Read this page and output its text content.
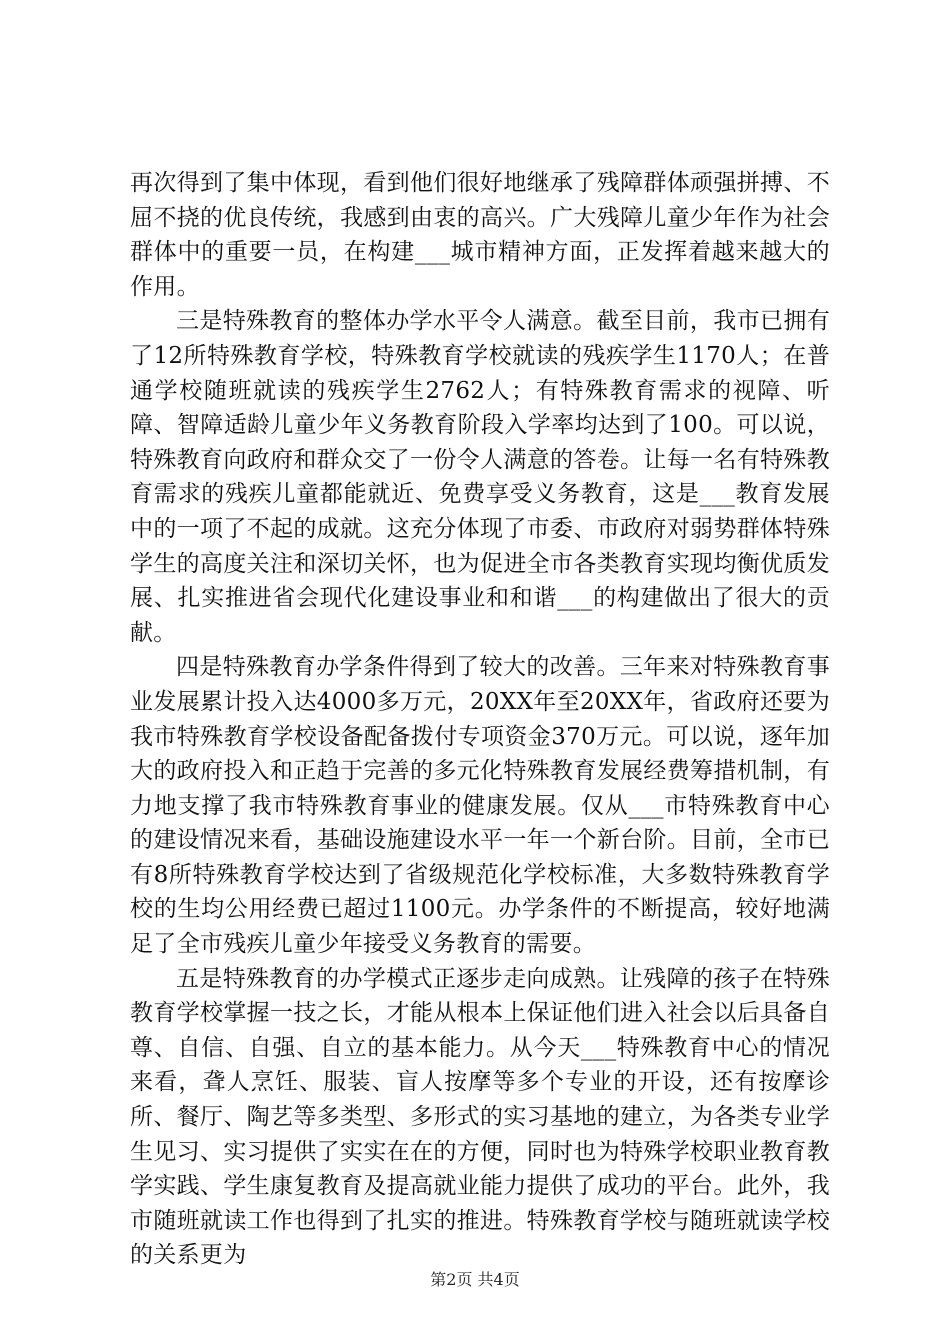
再次得到了集中体现，看到他们很好地继承了残障群体顽强拼搏、不屈不挠的优良传统，我感到由衷的高兴。广大残障儿童少年作为社会群体中的重要一员，在构建___城市精神方面，正发挥着越来越大的作用。

三是特殊教育的整体办学水平令人满意。截至目前，我市已拥有了12所特殊教育学校，特殊教育学校就读的残疾学生1170人；在普通学校随班就读的残疾学生2762人；有特殊教育需求的视障、听障、智障适龄儿童少年义务教育阶段入学率均达到了100。可以说，特殊教育向政府和群众交了一份令人满意的答卷。让每一名有特殊教育需求的残疾儿童都能就近、免费享受义务教育，这是___教育发展中的一项了不起的成就。这充分体现了市委、市政府对弱势群体特殊学生的高度关注和深切关怀，也为促进全市各类教育实现均衡优质发展、扎实推进省会现代化建设事业和和谐___的构建做出了很大的贡献。

四是特殊教育办学条件得到了较大的改善。三年来对特殊教育事业发展累计投入达4000多万元，20XX年至20XX年，省政府还要为我市特殊教育学校设备配备拨付专项资金370万元。可以说，逐年加大的政府投入和正趋于完善的多元化特殊教育发展经费筹措机制，有力地支撑了我市特殊教育事业的健康发展。仅从___市特殊教育中心的建设情况来看，基础设施建设水平一年一个新台阶。目前，全市已有8所特殊教育学校达到了省级规范化学校标准，大多数特殊教育学校的生均公用经费已超过1100元。办学条件的不断提高，较好地满足了全市残疾儿童少年接受义务教育的需要。

五是特殊教育的办学模式正逐步走向成熟。让残障的孩子在特殊教育学校掌握一技之长，才能从根本上保证他们进入社会以后具备自尊、自信、自强、自立的基本能力。从今天___特殊教育中心的情况来看，聋人烹饪、服装、盲人按摩等多个专业的开设，还有按摩诊所、餐厅、陶艺等多类型、多形式的实习基地的建立，为各类专业学生见习、实习提供了实实在在的方便，同时也为特殊学校职业教育教学实践、学生康复教育及提高就业能力提供了成功的平台。此外，我市随班就读工作也得到了扎实的推进。特殊教育学校与随班就读学校的关系更为

第2页 共4页
